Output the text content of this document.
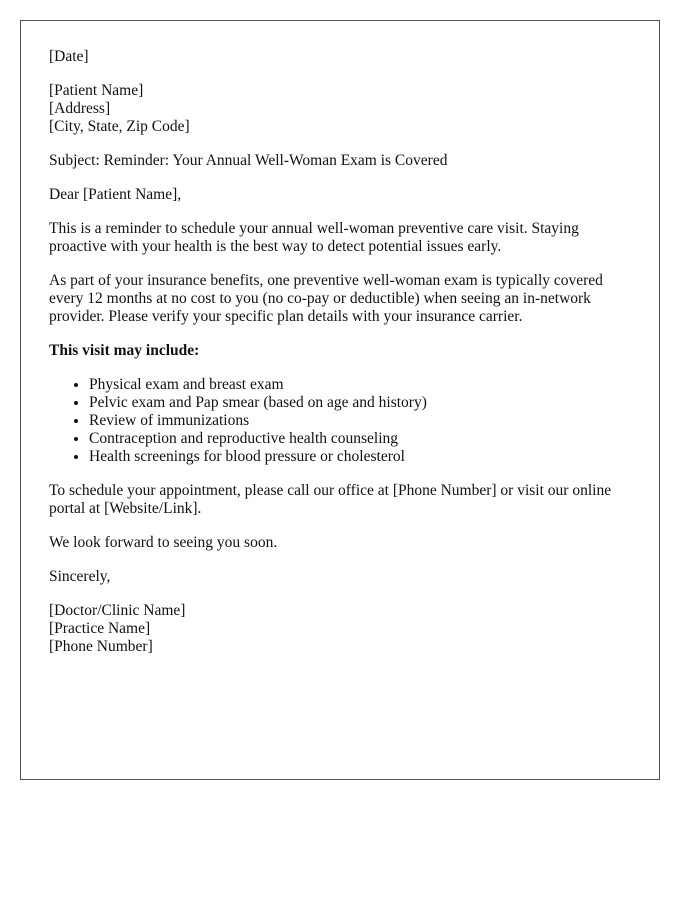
[Date]

[Patient Name]
[Address]
[City, State, Zip Code]

Subject: Reminder: Your Annual Well-Woman Exam is Covered

Dear [Patient Name],

This is a reminder to schedule your annual well-woman preventive care visit. Staying proactive with your health is the best way to detect potential issues early.

As part of your insurance benefits, one preventive well-woman exam is typically covered every 12 months at no cost to you (no co-pay or deductible) when seeing an in-network provider. Please verify your specific plan details with your insurance carrier.

This visit may include:

• Physical exam and breast exam
• Pelvic exam and Pap smear (based on age and history)
• Review of immunizations
• Contraception and reproductive health counseling
• Health screenings for blood pressure or cholesterol

To schedule your appointment, please call our office at [Phone Number] or visit our online portal at [Website/Link].

We look forward to seeing you soon.

Sincerely,

[Doctor/Clinic Name]
[Practice Name]
[Phone Number]
